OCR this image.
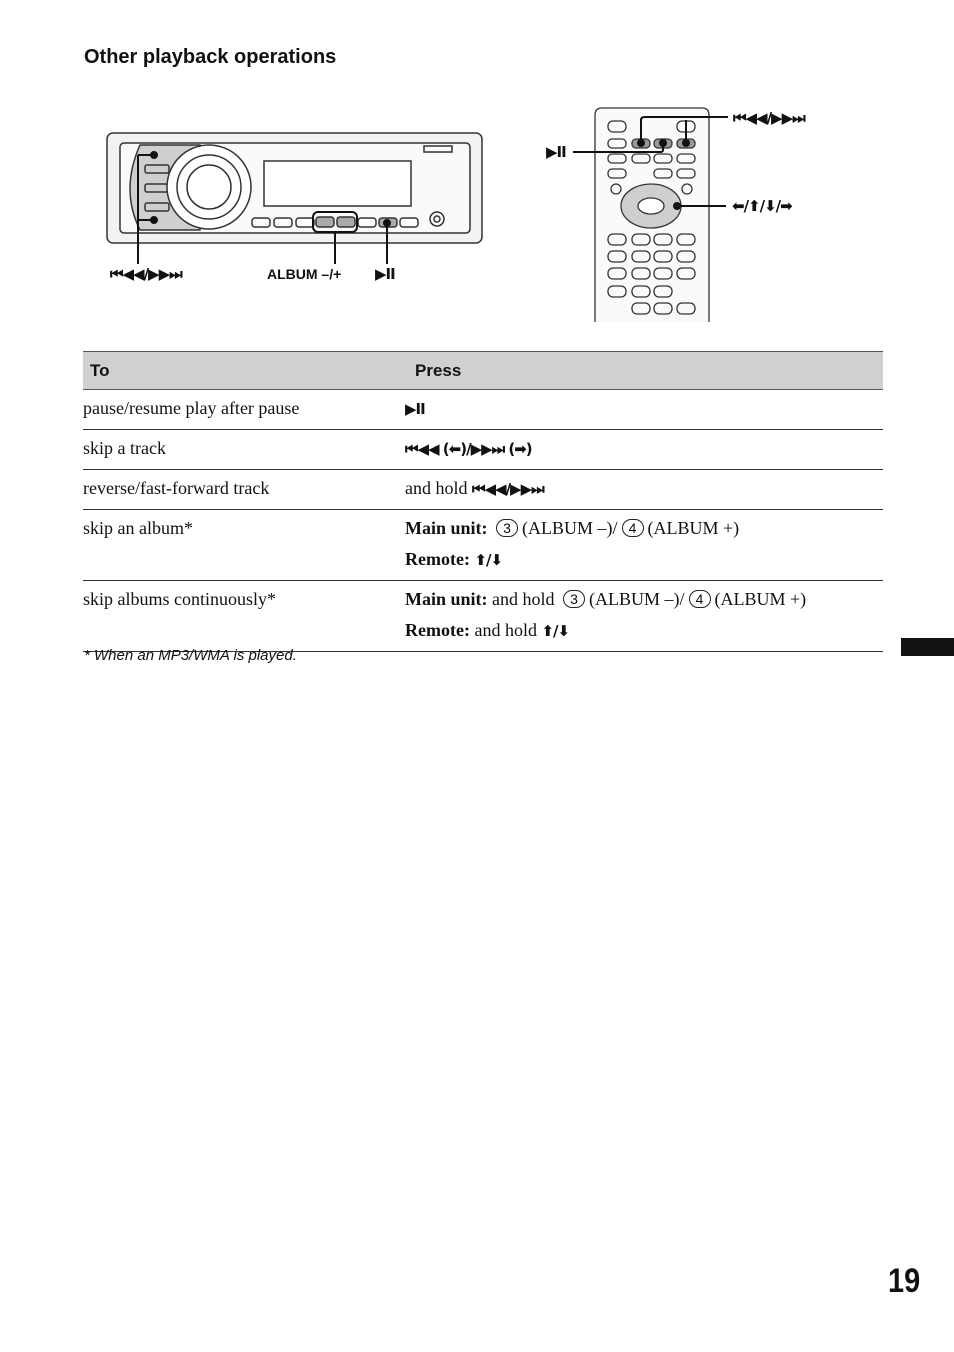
Other playback operations
⏮◀◀/▶▶⏭	ALBUM –/+ ▶II
⏮◀◀/▶▶⏭
▶II
⬅/⬆/⬇/➡
To	Press
pause/resume play after pause	▶II
skip a track	⏮◀◀ (⬅)/▶▶⏭ (➡)
reverse/fast-forward track	and hold ⏮◀◀/▶▶⏭
skip an album*	Main unit: 3 (ALBUM –)/ 4 (ALBUM +)
Remote: ⬆/⬇

skip albums continuously*	Main unit: and hold 3 (ALBUM –)/ 4 (ALBUM +)
Remote: and hold ⬆/⬇
* When an MP3/WMA is played.
19
